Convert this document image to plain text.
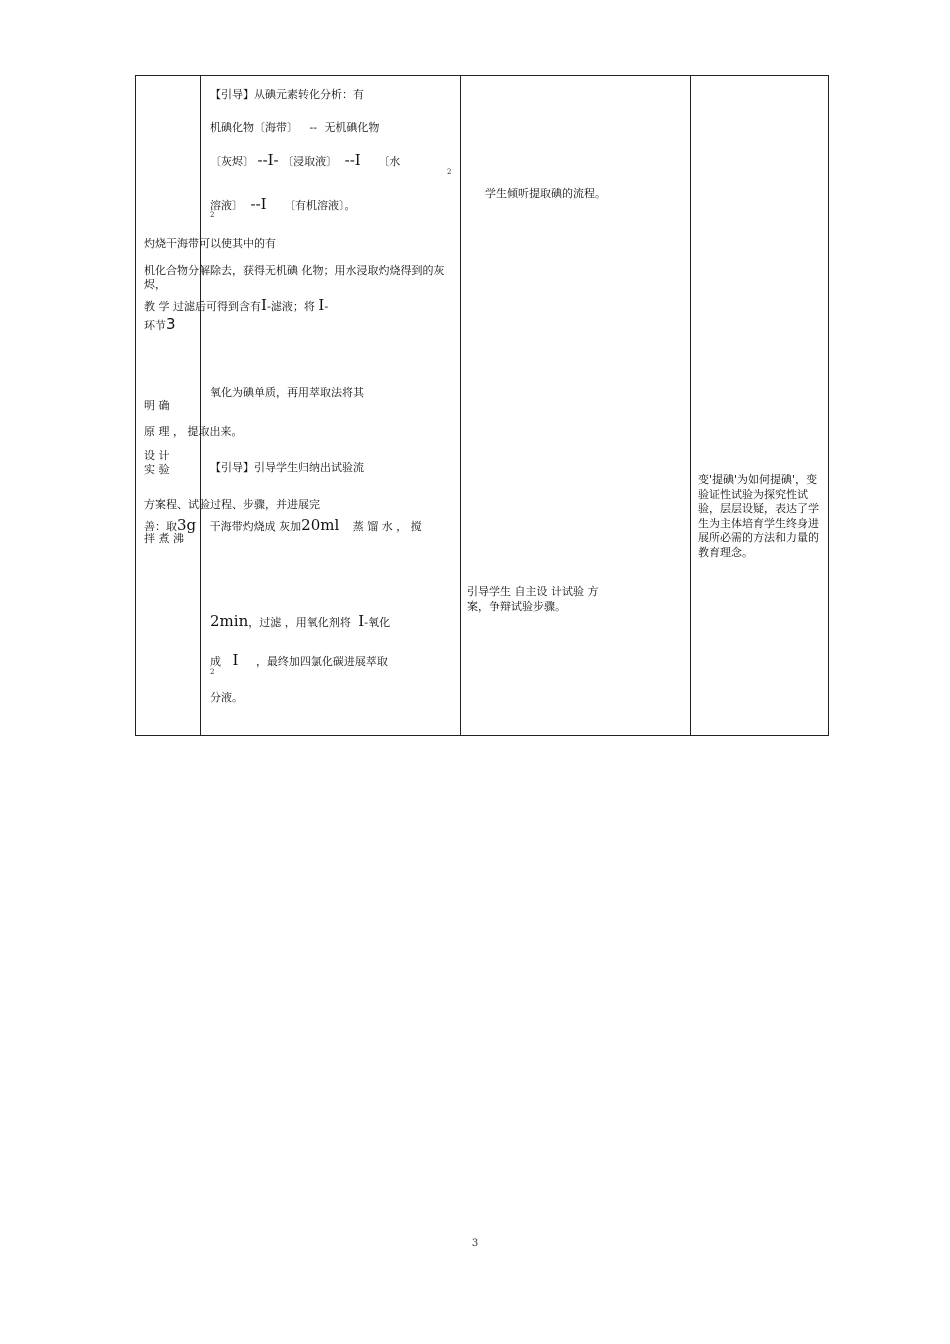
【引导】从碘元素转化分析：有
机碘化物〔海带〕 -- 无机碘化物
〔灰烬〕 --I- 〔浸取液〕 --I 〔水
2
溶液〕 --I 〔有机溶液〕。
2
灼烧干海带可以使其中的有
机化合物分解除去，获得无机碘 化物；用水浸取灼烧得到的灰
烬，
教 学 过滤后可得到含有I-滤液；将 I-
环节3
氧化为碘单质，再用萃取法将其
明 确
原 理 ， 提取出来。
设 计
【引导】引导学生归纳出试验流
实 验
方案程、试验过程、步骤，并进展完
善：取3g 干海带灼烧成 灰加20ml 蒸 馏 水 ， 搅
拌 煮 沸
2min，过滤 ，用氧化剂将 I-氧化
成 I ，最终加四氯化碳进展萃取
2
分液。
学生倾听提取碘的流程。
引导学生 自主设 计试验 方案，争辩试验步骤。
变'提碘'为如何提碘'，变验证性试验为探究性试验，层层设疑，表达了学生为主体培育学生终身进展所必需的方法和力量的教育理念。
3
